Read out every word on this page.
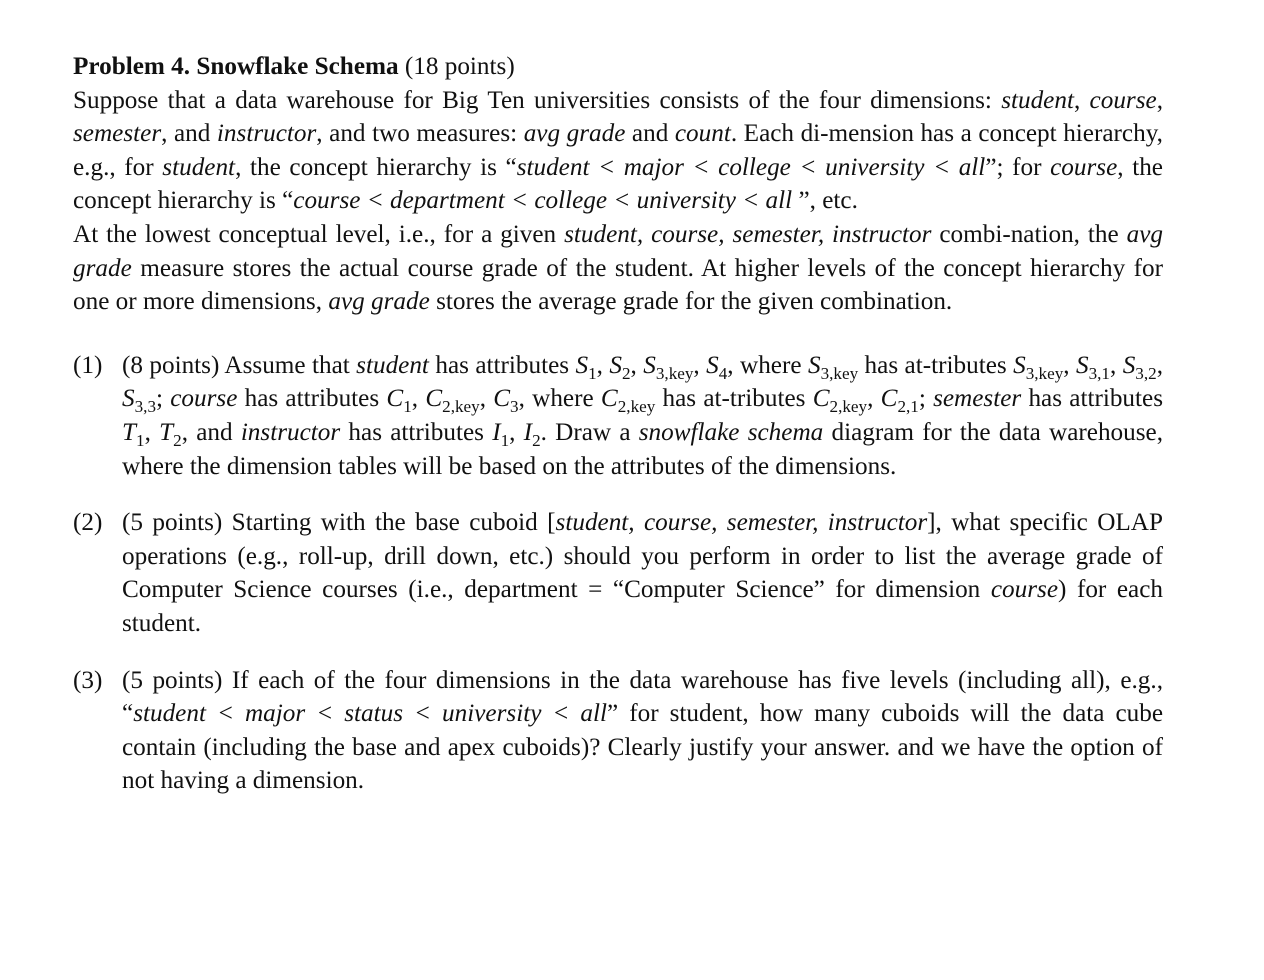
Problem 4. Snowflake Schema (18 points)
Suppose that a data warehouse for Big Ten universities consists of the four dimensions: student, course, semester, and instructor, and two measures: avg grade and count. Each di-mension has a concept hierarchy, e.g., for student, the concept hierarchy is “student < major < college < university < all”; for course, the concept hierarchy is “course < department < college < university < all ”, etc.
At the lowest conceptual level, i.e., for a given student, course, semester, instructor combi-nation, the avg grade measure stores the actual course grade of the student. At higher levels of the concept hierarchy for one or more dimensions, avg grade stores the average grade for the given combination.
(1) (8 points) Assume that student has attributes $S_1$, $S_2$, $S_{3,key}$, $S_4$, where $S_{3,key}$ has at-tributes $S_{3,key}$, $S_{3,1}$, $S_{3,2}$, $S_{3,3}$; course has attributes $C_1$, $C_{2,key}$, $C_3$, where $C_{2,key}$ has at-tributes $C_{2,key}$, $C_{2,1}$; semester has attributes $T_1$, $T_2$, and instructor has attributes $I_1$, $I_2$. Draw a snowflake schema diagram for the data warehouse, where the dimension tables will be based on the attributes of the dimensions.
(2) (5 points) Starting with the base cuboid [student, course, semester, instructor], what specific OLAP operations (e.g., roll-up, drill down, etc.) should you perform in order to list the average grade of Computer Science courses (i.e., department = “Computer Science” for dimension course) for each student.
(3) (5 points) If each of the four dimensions in the data warehouse has five levels (including all), e.g., “student < major < status < university < all” for student, how many cuboids will the data cube contain (including the base and apex cuboids)? Clearly justify your answer. and we have the option of not having a dimension.
